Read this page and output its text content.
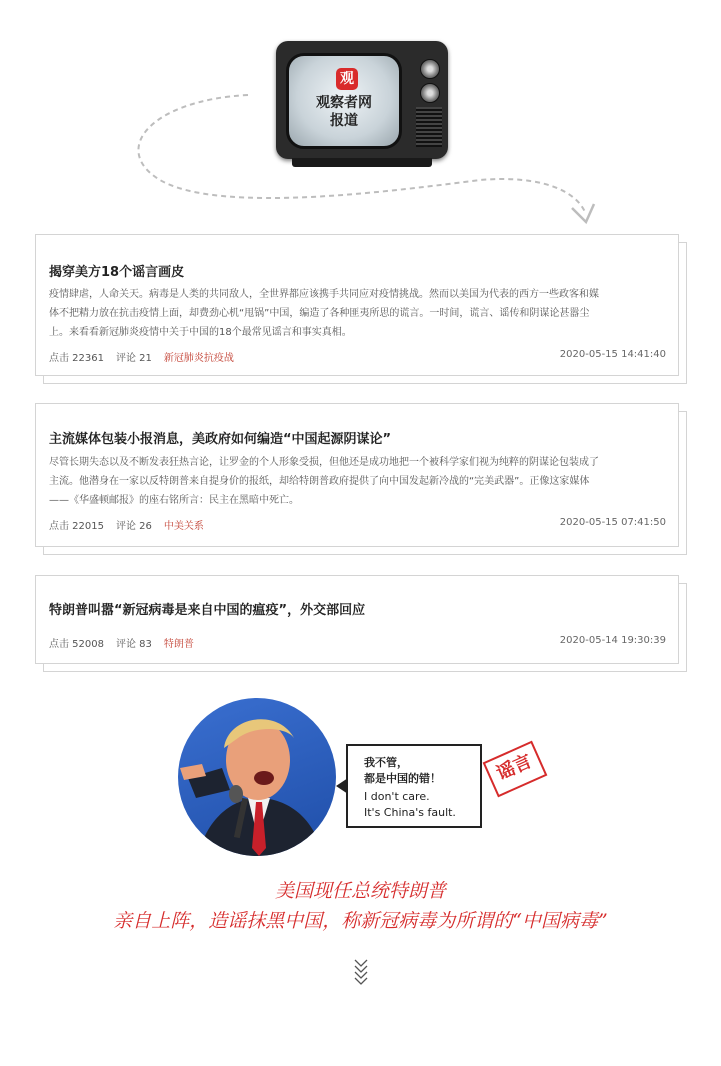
观
观察者网
报道
揭穿美方18个谣言画皮
疫情肆虐，人命关天。病毒是人类的共同敌人，全世界都应该携手共同应对疫情挑战。然而以美国为代表的西方一些政客和媒
体不把精力放在抗击疫情上面，却费劲心机“甩锅”中国，编造了各种匪夷所思的谎言。一时间，谎言、谣传和阴谋论甚嚣尘
上。来看看新冠肺炎疫情中关于中国的18个最常见谣言和事实真相。
点击 22361 评论 21 新冠肺炎抗疫战	2020-05-15 14:41:40
主流媒体包装小报消息，美政府如何编造“中国起源阴谋论”
尽管长期失态以及不断发表狂热言论，让罗金的个人形象受损，但他还是成功地把一个被科学家们视为纯粹的阴谋论包装成了
主流。他潜身在一家以反特朗普来自提身价的报纸，却给特朗普政府提供了向中国发起新冷战的“完美武器”。正像这家媒体
——《华盛顿邮报》的座右铭所言：民主在黑暗中死亡。
点击 22015 评论 26 中美关系	2020-05-15 07:41:50
特朗普叫嚣“新冠病毒是来自中国的瘟疫”，外交部回应
点击 52008 评论 83 特朗普	2020-05-14 19:30:39
我不管，
都是中国的错！
I don't care.
It's China's fault.
谣言
美国现任总统特朗普
亲自上阵，造谣抹黑中国，称新冠病毒为所谓的“中国病毒”
